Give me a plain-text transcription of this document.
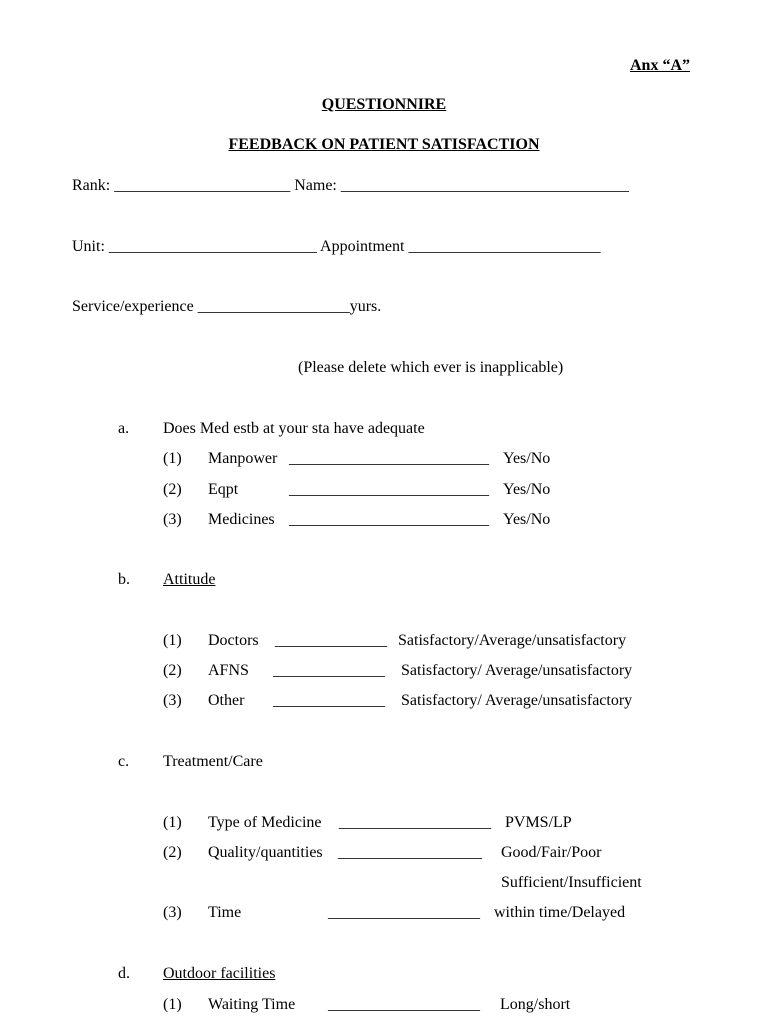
Anx “A”
QUESTIONNIRE
FEEDBACK ON PATIENT SATISFACTION
Rank: ______________________ Name: ____________________________________
Unit: __________________________ Appointment ________________________
Service/experience ___________________yurs.
(Please delete which ever is inapplicable)
a. Does Med estb at your sta have adequate
(1) Manpower _________________________ Yes/No
(2) Eqpt	_________________________ Yes/No
(3) Medicines _________________________ Yes/No
b. Attitude
(1) Doctors ______________ Satisfactory/Average/unsatisfactory
(2) AFNS ______________ Satisfactory/ Average/unsatisfactory
(3) Other ______________ Satisfactory/ Average/unsatisfactory
c. Treatment/Care
(1) Type of Medicine ___________________ PVMS/LP
(2) Quality/quantities __________________ Good/Fair/Poor
Sufficient/Insufficient
(3) Time	___________________ within time/Delayed
d. Outdoor facilities
(1) Waiting Time ___________________ Long/short
